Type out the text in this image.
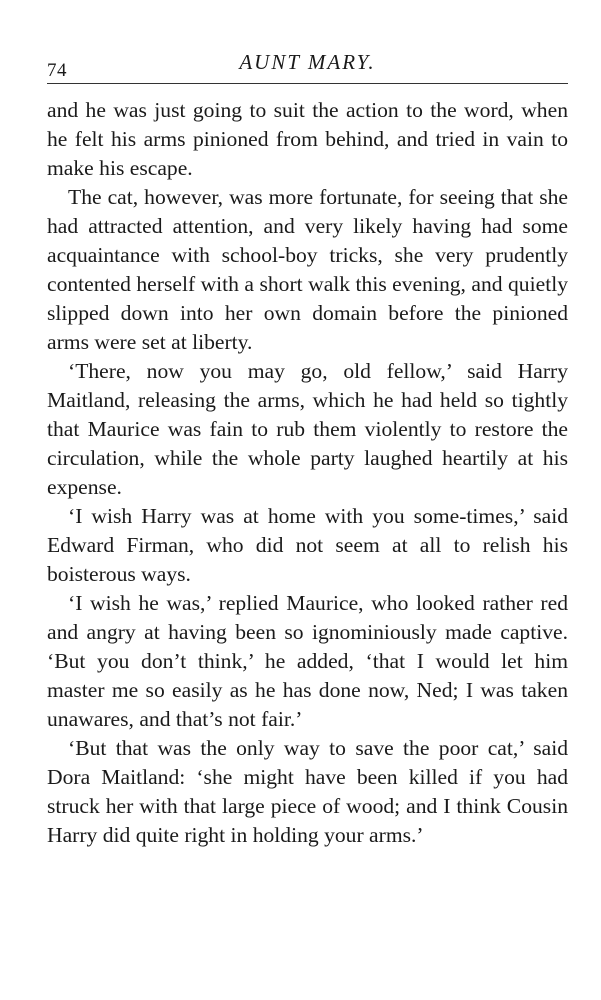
74	AUNT MARY.

and he was just going to suit the action to the word, when he felt his arms pinioned from behind, and tried in vain to make his escape.

The cat, however, was more fortunate, for seeing that she had attracted attention, and very likely having had some acquaintance with school-boy tricks, she very prudently contented herself with a short walk this evening, and quietly slipped down into her own domain before the pinioned arms were set at liberty.

‘There, now you may go, old fellow,’ said Harry Maitland, releasing the arms, which he had held so tightly that Maurice was fain to rub them violently to restore the circulation, while the whole party laughed heartily at his expense.

‘I wish Harry was at home with you some-times,’ said Edward Firman, who did not seem at all to relish his boisterous ways.

‘I wish he was,’ replied Maurice, who looked rather red and angry at having been so ignominiously made captive. ‘But you don’t think,’ he added, ‘that I would let him master me so easily as he has done now, Ned; I was taken unawares, and that’s not fair.’

‘But that was the only way to save the poor cat,’ said Dora Maitland: ‘she might have been killed if you had struck her with that large piece of wood; and I think Cousin Harry did quite right in holding your arms.’
